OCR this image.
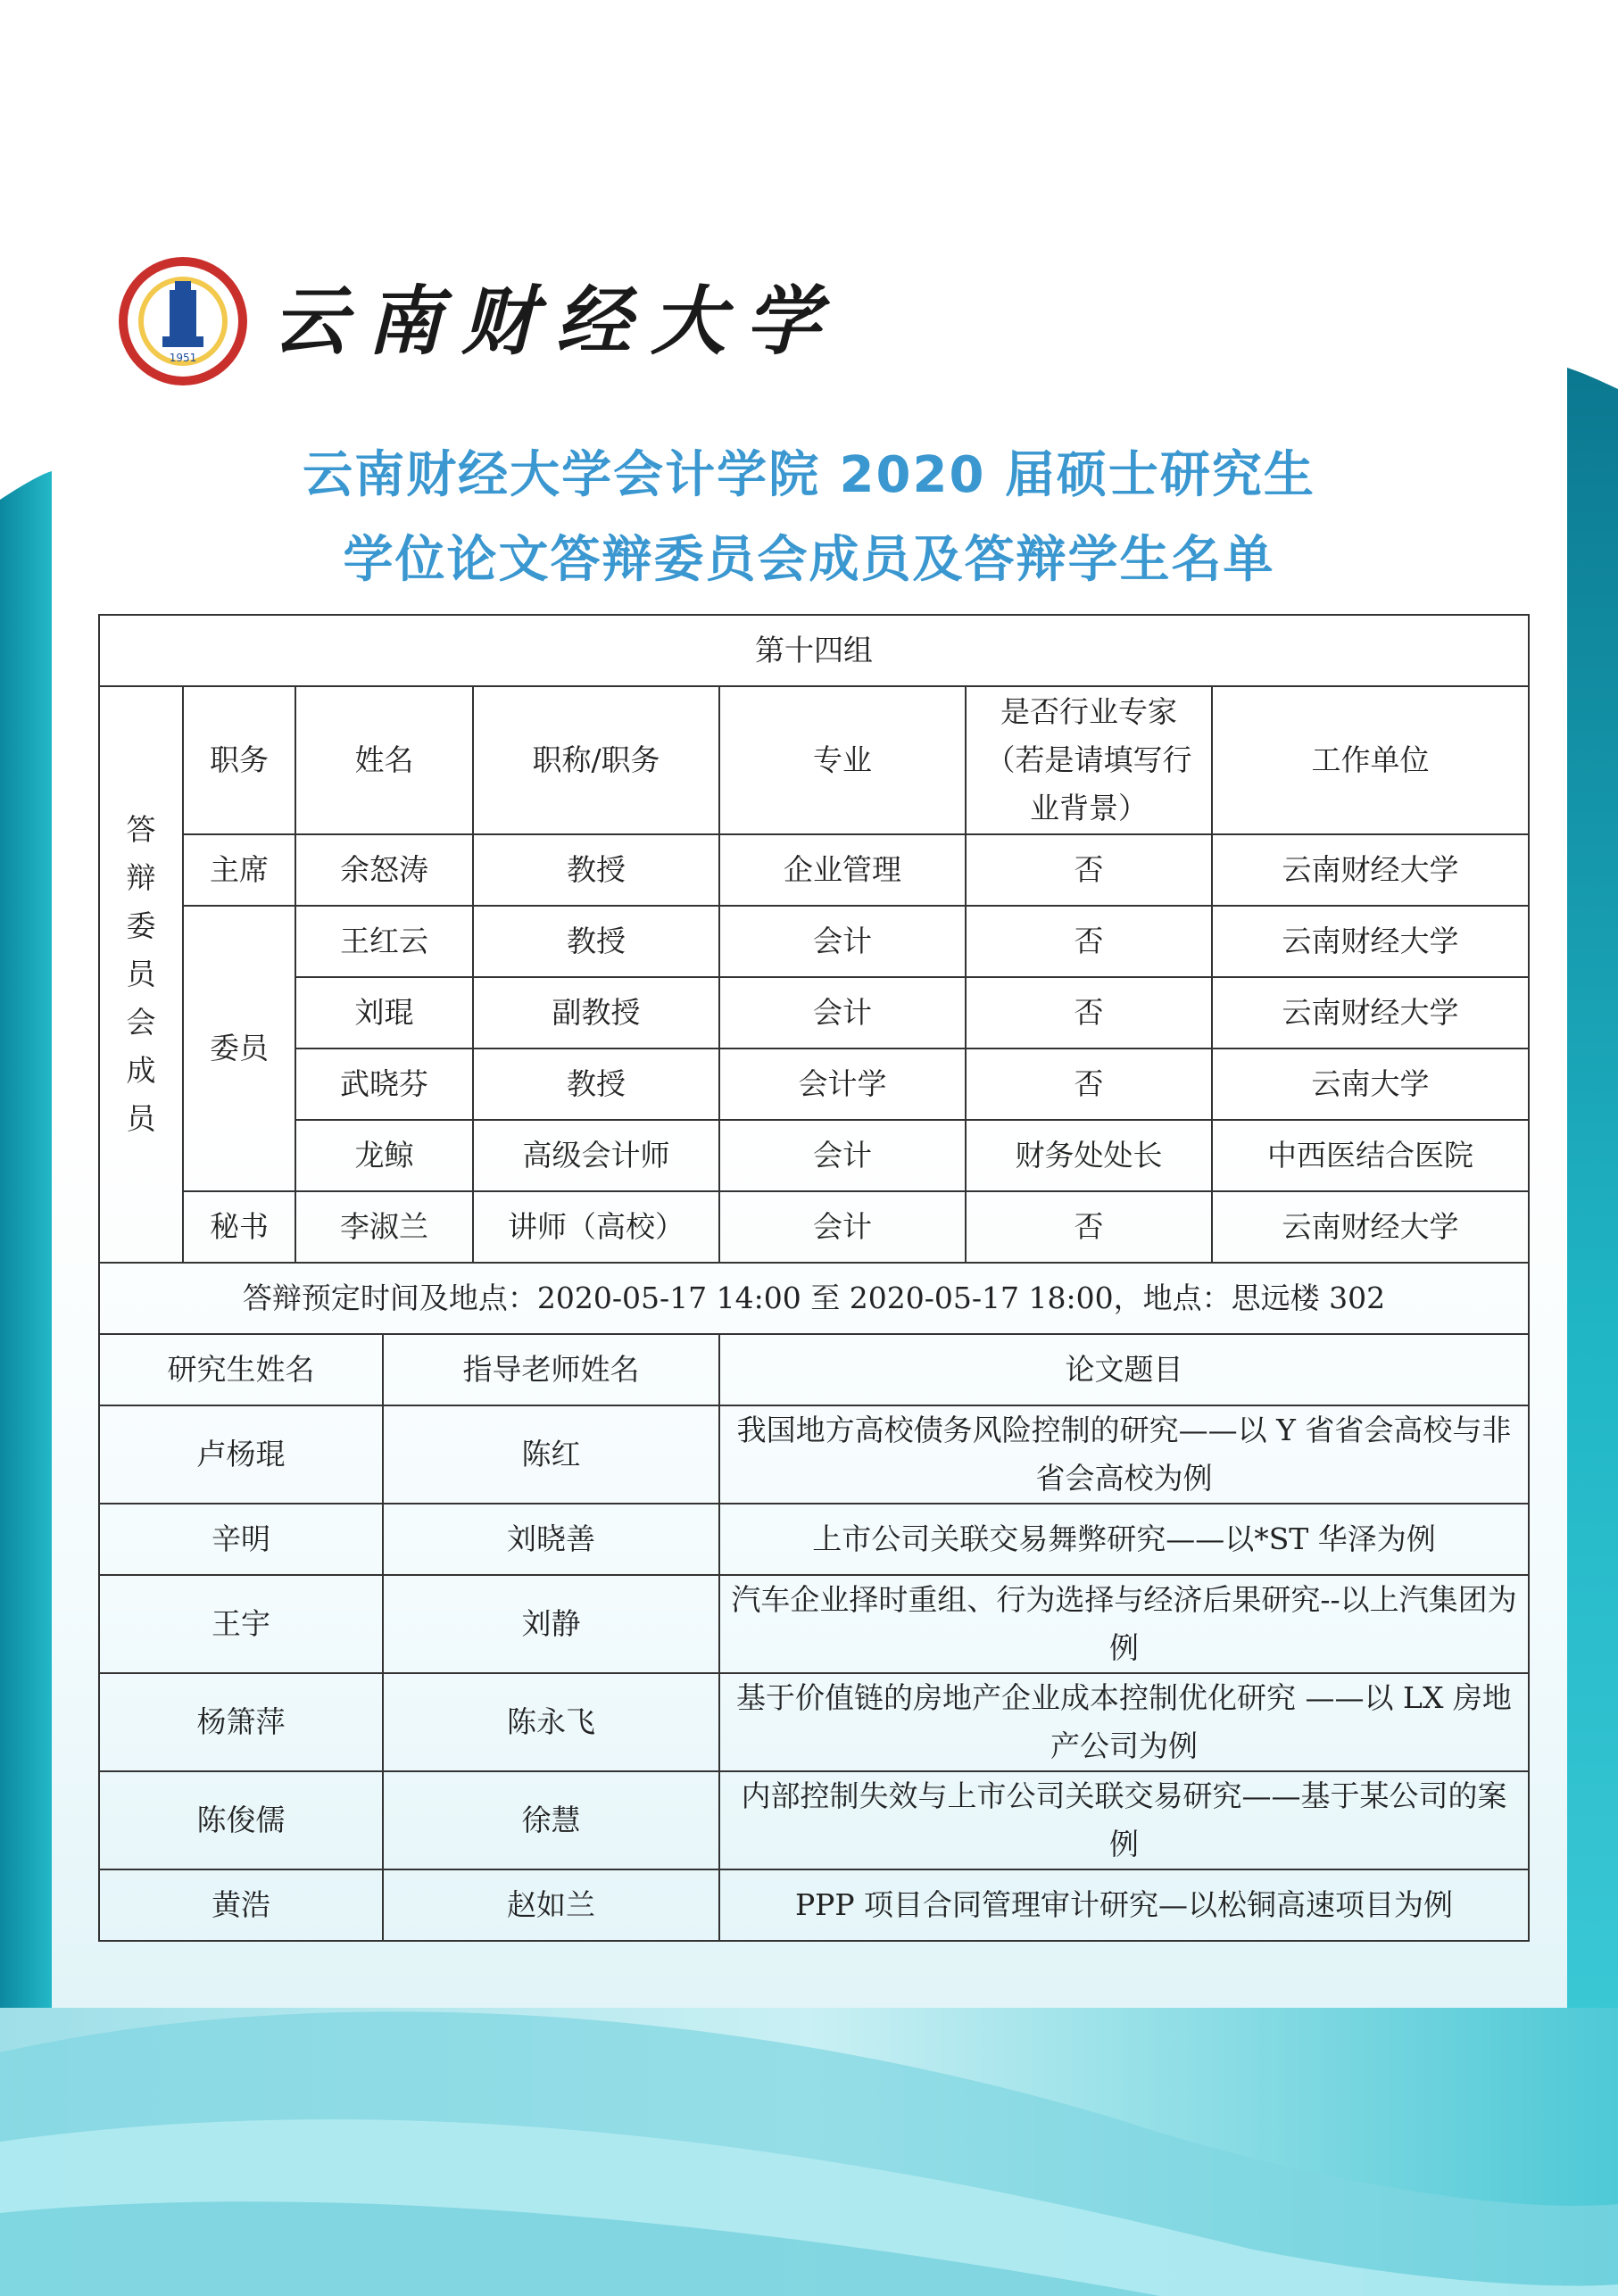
1951 云南财经大学
云南财经大学会计学院 2020 届硕士研究生
学位论文答辩委员会成员及答辩学生名单
第十四组							
答辩委员会成员	职务	姓名		职称/职务	专业	是否行业专家（若是请填写行业背景）	工作单位
	主席	余怒涛		教授	企业管理	否	云南财经大学
	委员	王红云		教授	会计	否	云南财经大学
		刘琨		副教授	会计	否	云南财经大学
		武晓芬		教授	会计学	否	云南大学
		龙鲸		高级会计师	会计	财务处处长	中西医结合医院
	秘书	李淑兰		讲师（高校）	会计	否	云南财经大学
答辩预定时间及地点：2020-05-17 14:00 至 2020-05-17 18:00，地点：思远楼 302							
研究生姓名			指导老师姓名		论文题目		
卢杨琨			陈红		我国地方高校债务风险控制的研究——以 Y 省省会高校与非省会高校为例		
辛明			刘晓善		上市公司关联交易舞弊研究——以*ST 华泽为例		
王宇			刘静		汽车企业择时重组、行为选择与经济后果研究--以上汽集团为例		
杨箫萍			陈永飞		基于价值链的房地产企业成本控制优化研究 ——以 LX 房地产公司为例		
陈俊儒			徐慧		内部控制失效与上市公司关联交易研究——基于某公司的案例		
黄浩			赵如兰		PPP 项目合同管理审计研究—以松铜高速项目为例		
